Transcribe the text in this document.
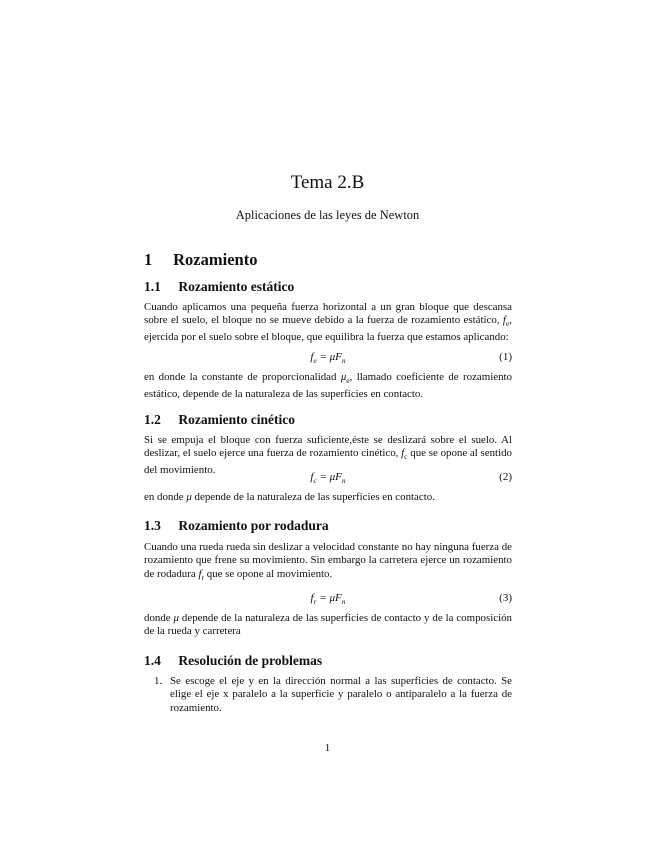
Tema 2.B
Aplicaciones de las leyes de Newton
1 Rozamiento
1.1 Rozamiento estático
Cuando aplicamos una pequeña fuerza horizontal a un gran bloque que descansa sobre el suelo, el bloque no se mueve debido a la fuerza de rozamiento estático, $f_e$, ejercida por el suelo sobre el bloque, que equilibra la fuerza que estamos aplicando:
$f_e = \mu F_n$	(1)
en donde la constante de proporcionalidad $\mu_e$, llamado coeficiente de rozamiento estático, depende de la naturaleza de las superficies en contacto.
1.2 Rozamiento cinético
Si se empuja el bloque con fuerza suficiente,éste se deslizará sobre el suelo. Al deslizar, el suelo ejerce una fuerza de rozamiento cinético, $f_c$ que se opone al sentido del movimiento.
$f_c = \mu F_n$	(2)
en donde μ depende de la naturaleza de las superficies en contacto.
1.3 Rozamiento por rodadura
Cuando una rueda rueda sin deslizar a velocidad constante no hay ninguna fuerza de rozamiento que frene su movimiento. Sin embargo la carretera ejerce un rozamiento de rodadura $f_r$ que se opone al movimiento.
$f_r = \mu F_n$	(3)
donde μ depende de la naturaleza de las superficies de contacto y de la composición de la rueda y carretera
1.4 Resolución de problemas
1. Se escoge el eje y en la dirección normal a las superficies de contacto. Se elige el eje x paralelo a la superficie y paralelo o antiparalelo a la fuerza de rozamiento.
1
